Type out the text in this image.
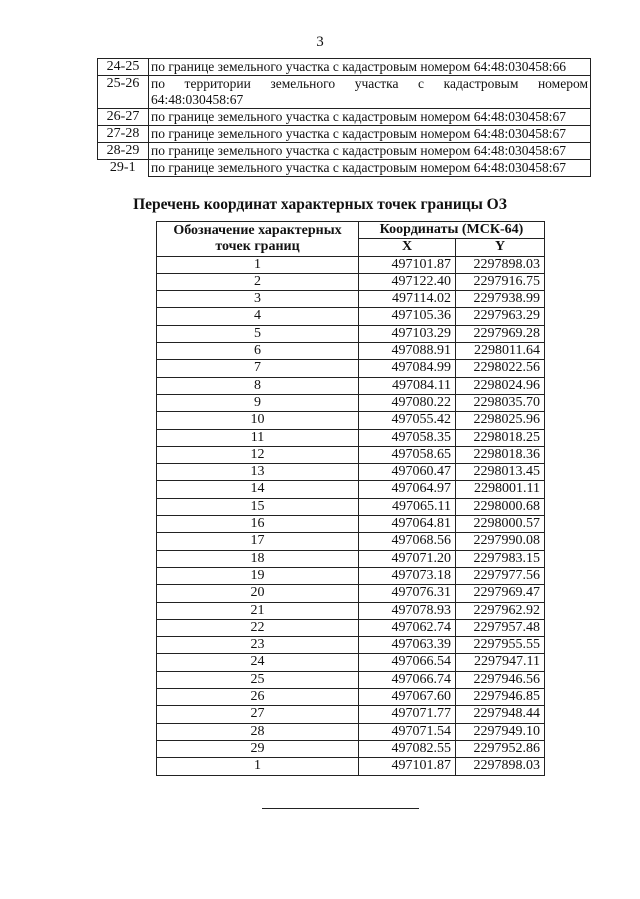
3
24-25	по границе земельного участка с кадастровым номером 64:48:030458:66

25-26	по территории земельного участка с кадастровым номером
64:48:030458:67

26-27	по границе земельного участка с кадастровым номером 64:48:030458:67

27-28	по границе земельного участка с кадастровым номером 64:48:030458:67

28-29	по границе земельного участка с кадастровым номером 64:48:030458:67

29-1	по границе земельного участка с кадастровым номером 64:48:030458:67
Перечень координат характерных точек границы ОЗ
Обозначение характерных точек границ	Координаты (МСК-64)	
	X	Y
1	497101.87	2297898.03
2	497122.40	2297916.75
3	497114.02	2297938.99
4	497105.36	2297963.29
5	497103.29	2297969.28
6	497088.91	2298011.64
7	497084.99	2298022.56
8	497084.11	2298024.96
9	497080.22	2298035.70
10	497055.42	2298025.96
11	497058.35	2298018.25
12	497058.65	2298018.36
13	497060.47	2298013.45
14	497064.97	2298001.11
15	497065.11	2298000.68
16	497064.81	2298000.57
17	497068.56	2297990.08
18	497071.20	2297983.15
19	497073.18	2297977.56
20	497076.31	2297969.47
21	497078.93	2297962.92
22	497062.74	2297957.48
23	497063.39	2297955.55
24	497066.54	2297947.11
25	497066.74	2297946.56
26	497067.60	2297946.85
27	497071.77	2297948.44
28	497071.54	2297949.10
29	497082.55	2297952.86
1	497101.87	2297898.03
